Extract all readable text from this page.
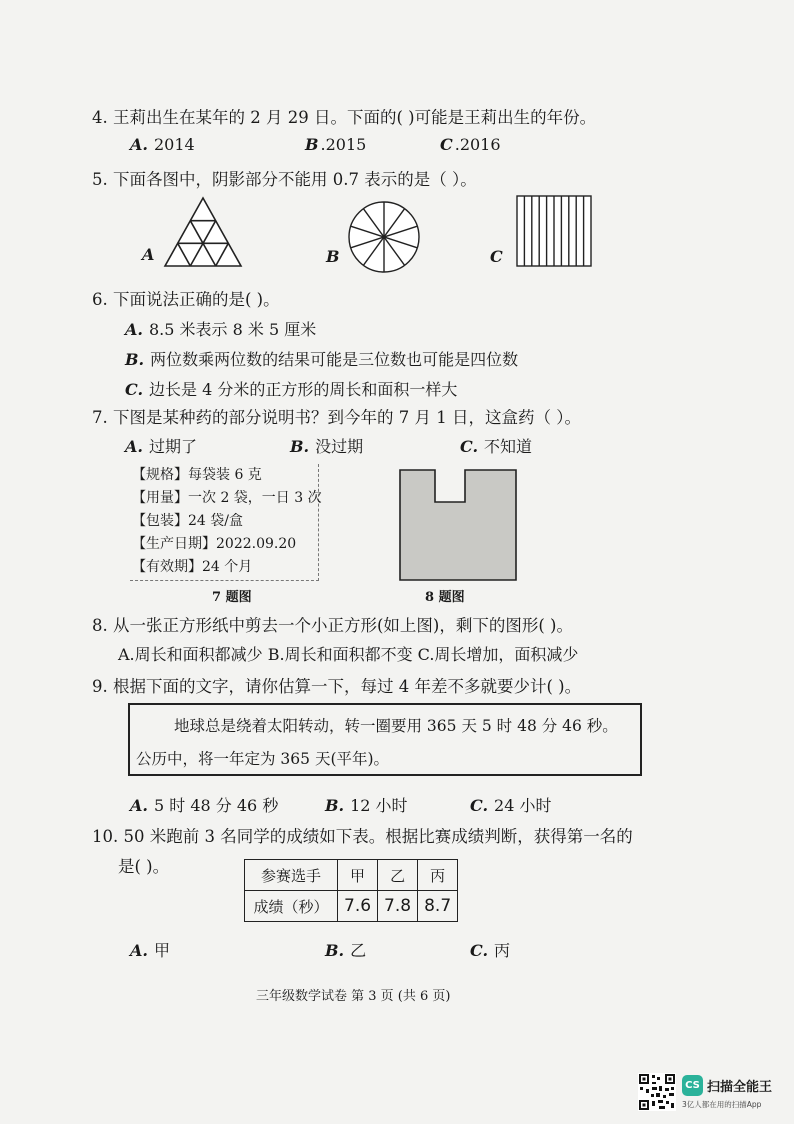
4. 王莉出生在某年的 2 月 29 日。下面的( )可能是王莉出生的年份。
A. 2014	B .2015	C .2016
5. 下面各图中，阴影部分不能用 0.7 表示的是（ ）。
A	B	C
6. 下面说法正确的是( )。
A. 8.5 米表示 8 米 5 厘米
B. 两位数乘两位数的结果可能是三位数也可能是四位数
C. 边长是 4 分米的正方形的周长和面积一样大
7. 下图是某种药的部分说明书？到今年的 7 月 1 日，这盒药（ ）。
A. 过期了	B. 没过期	C. 不知道
【规格】每袋装 6 克
【用量】一次 2 袋，一日 3 次
【包装】24 袋/盒
【生产日期】2022.09.20
【有效期】24 个月
7 题图	8 题图
8. 从一张正方形纸中剪去一个小正方形(如上图)，剩下的图形( )。
A.周长和面积都减少 B.周长和面积都不变 C.周长增加，面积减少
9. 根据下面的文字，请你估算一下，每过 4 年差不多就要少计( )。
地球总是绕着太阳转动，转一圈要用 365 天 5 时 48 分 46 秒。
公历中，将一年定为 365 天(平年)。
A. 5 时 48 分 46 秒	B. 12 小时	C. 24 小时
10. 50 米跑前 3 名同学的成绩如下表。根据比赛成绩判断，获得第一名的
是( )。	参赛选手	甲	乙	丙
成绩（秒）	7.6	7.8	8.7
A. 甲	B. 乙	C. 丙
三年级数学试卷 第 3 页 (共 6 页)
CS 扫描全能王
3亿人都在用的扫描App
